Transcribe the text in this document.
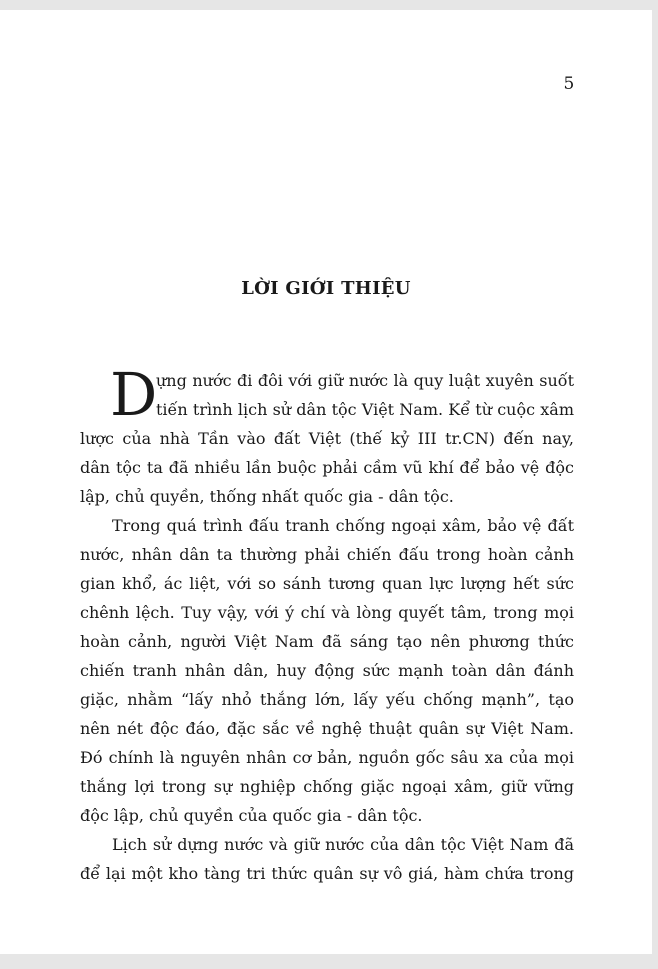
5
LỜI GIỚI THIỆU
D
ựng nước đi đôi với giữ nước là quy luật xuyên suốt
tiến trình lịch sử dân tộc Việt Nam. Kể từ cuộc xâm
lược của nhà Tần vào đất Việt (thế kỷ III tr.CN) đến nay,
dân tộc ta đã nhiều lần buộc phải cầm vũ khí để bảo vệ độc
lập, chủ quyền, thống nhất quốc gia - dân tộc.
Trong quá trình đấu tranh chống ngoại xâm, bảo vệ đất
nước, nhân dân ta thường phải chiến đấu trong hoàn cảnh
gian khổ, ác liệt, với so sánh tương quan lực lượng hết sức
chênh lệch. Tuy vậy, với ý chí và lòng quyết tâm, trong mọi
hoàn cảnh, người Việt Nam đã sáng tạo nên phương thức
chiến tranh nhân dân, huy động sức mạnh toàn dân đánh
giặc, nhằm “lấy nhỏ thắng lớn, lấy yếu chống mạnh”, tạo
nên nét độc đáo, đặc sắc về nghệ thuật quân sự Việt Nam.
Đó chính là nguyên nhân cơ bản, nguồn gốc sâu xa của mọi
thắng lợi trong sự nghiệp chống giặc ngoại xâm, giữ vững
độc lập, chủ quyền của quốc gia - dân tộc.
Lịch sử dựng nước và giữ nước của dân tộc Việt Nam đã
để lại một kho tàng tri thức quân sự vô giá, hàm chứa trong
